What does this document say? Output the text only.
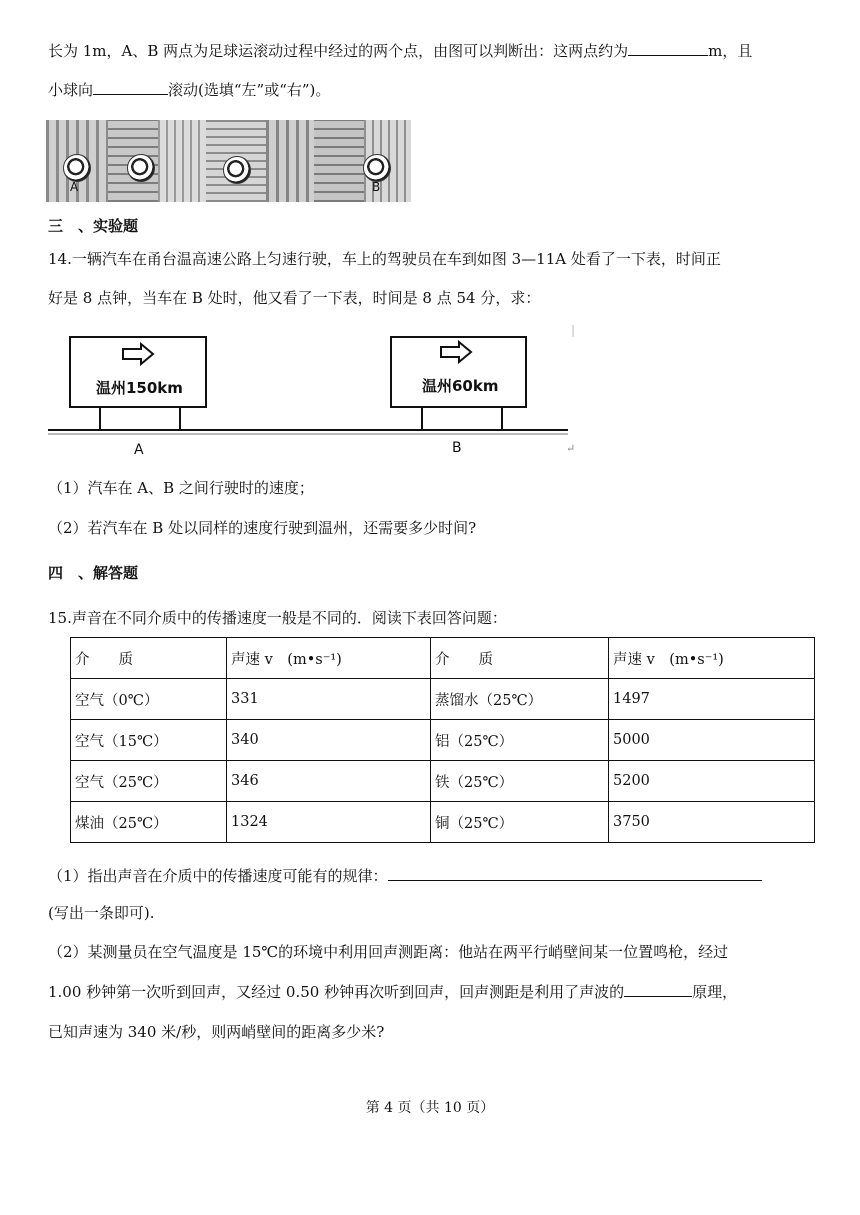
长为 1m，A、B 两点为足球运滚动过程中经过的两个点，由图可以判断出：这两点约为	m，且
小球向	滚动(选填“左”或“右”)。
A	B
三　、实验题
14.一辆汽车在甬台温高速公路上匀速行驶，车上的驾驶员在车到如图 3—11A 处看了一下表，时间正
好是 8 点钟，当车在 B 处时，他又看了一下表，时间是 8 点 54 分，求：
温州150km	温州60km
A	B	↵
（1）汽车在 A、B 之间行驶时的速度；
（2）若汽车在 B 处以同样的速度行驶到温州，还需要多少时间?
四　、解答题
15.声音在不同介质中的传播速度一般是不同的．阅读下表回答问题：
介　　质	声速 v　(m•s⁻¹)	介　　质	声速 v　(m•s⁻¹)
空气（0℃）	331	蒸馏水（25℃）	1497
空气（15℃）	340	铝（25℃）	5000
空气（25℃）	346	铁（25℃）	5200
煤油（25℃）	1324	铜（25℃）	3750
（1）指出声音在介质中的传播速度可能有的规律：
(写出一条即可).
（2）某测量员在空气温度是 15℃的环境中利用回声测距离：他站在两平行峭壁间某一位置鸣枪，经过
1.00 秒钟第一次听到回声，又经过 0.50 秒钟再次听到回声，回声测距是利用了声波的	原理，
已知声速为 340 米/秒，则两峭壁间的距离多少米?
第 4 页（共 10 页）
